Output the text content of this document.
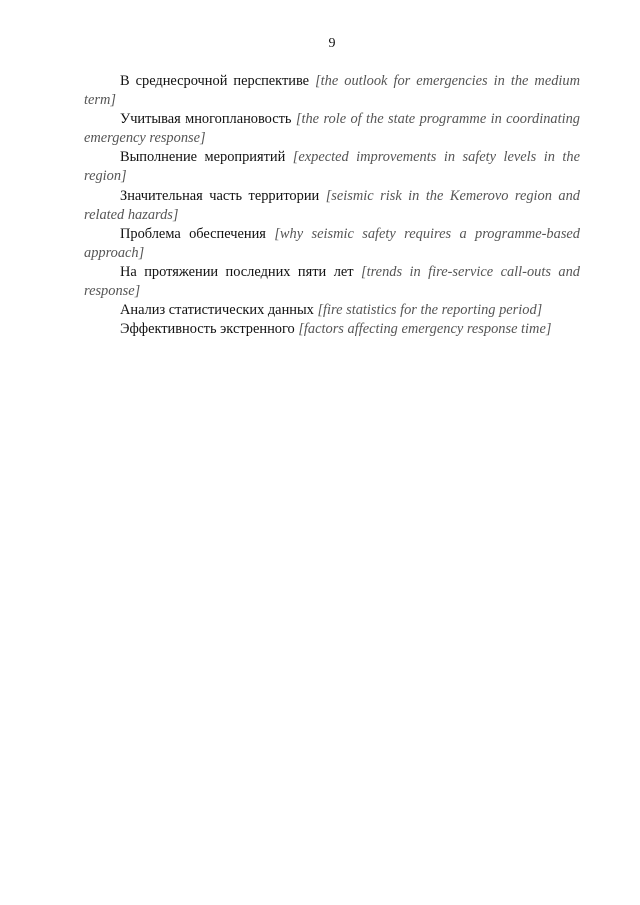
9

В среднесрочной перспективе [the outlook for emergencies in the medium term]

Учитывая многоплановость [the role of the state programme in coordinating emergency response]

Выполнение мероприятий [expected improvements in safety levels in the region]

Значительная часть территории [seismic risk in the Kemerovo region and related hazards]

Проблема обеспечения [why seismic safety requires a programme-based approach]

На протяжении последних пяти лет [trends in fire-service call-outs and response]

Анализ статистических данных [fire statistics for the reporting period]

Эффективность экстренного [factors affecting emergency response time]
